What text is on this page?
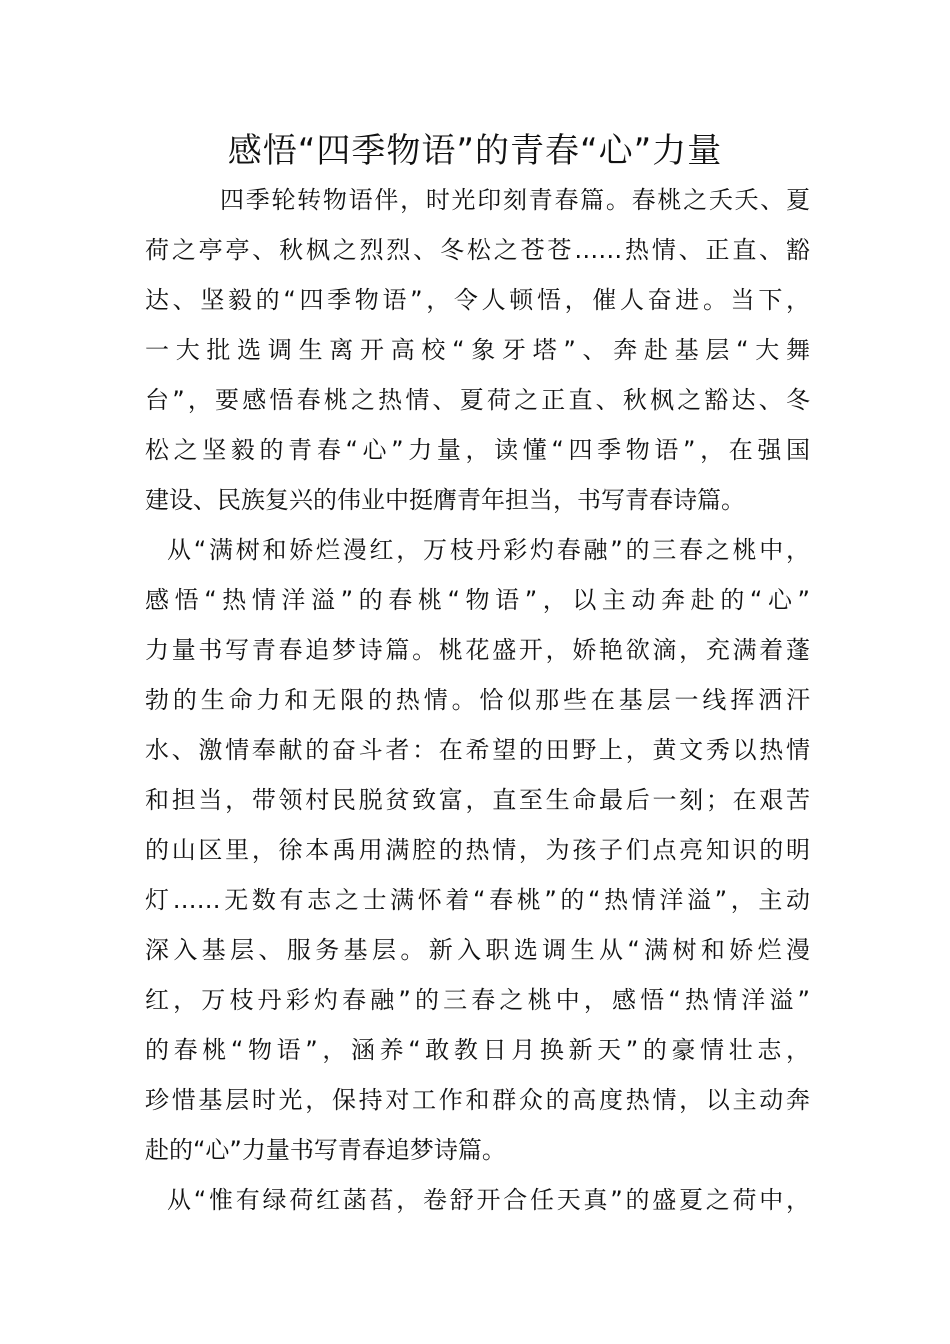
感悟“四季物语”的青春“心”力量
四季轮转物语伴，时光印刻青春篇。春桃之夭夭、夏
荷之亭亭、秋枫之烈烈、冬松之苍苍……热情、正直、豁
达、坚毅的“四季物语”，令人顿悟，催人奋进。当下，
一大批选调生离开高校“象牙塔”、奔赴基层“大舞
台”，要感悟春桃之热情、夏荷之正直、秋枫之豁达、冬
松之坚毅的青春“心”力量，读懂“四季物语”，在强国
建设、民族复兴的伟业中挺膺青年担当，书写青春诗篇。
从“满树和娇烂漫红，万枝丹彩灼春融”的三春之桃中，
感悟“热情洋溢”的春桃“物语”，以主动奔赴的“心”
力量书写青春追梦诗篇。桃花盛开，娇艳欲滴，充满着蓬
勃的生命力和无限的热情。恰似那些在基层一线挥洒汗
水、激情奉献的奋斗者：在希望的田野上，黄文秀以热情
和担当，带领村民脱贫致富，直至生命最后一刻；在艰苦
的山区里，徐本禹用满腔的热情，为孩子们点亮知识的明
灯……无数有志之士满怀着“春桃”的“热情洋溢”，主动
深入基层、服务基层。新入职选调生从“满树和娇烂漫
红，万枝丹彩灼春融”的三春之桃中，感悟“热情洋溢”
的春桃“物语”，涵养“敢教日月换新天”的豪情壮志，
珍惜基层时光，保持对工作和群众的高度热情，以主动奔
赴的“心”力量书写青春追梦诗篇。
从“惟有绿荷红菡萏，卷舒开合任天真”的盛夏之荷中，
